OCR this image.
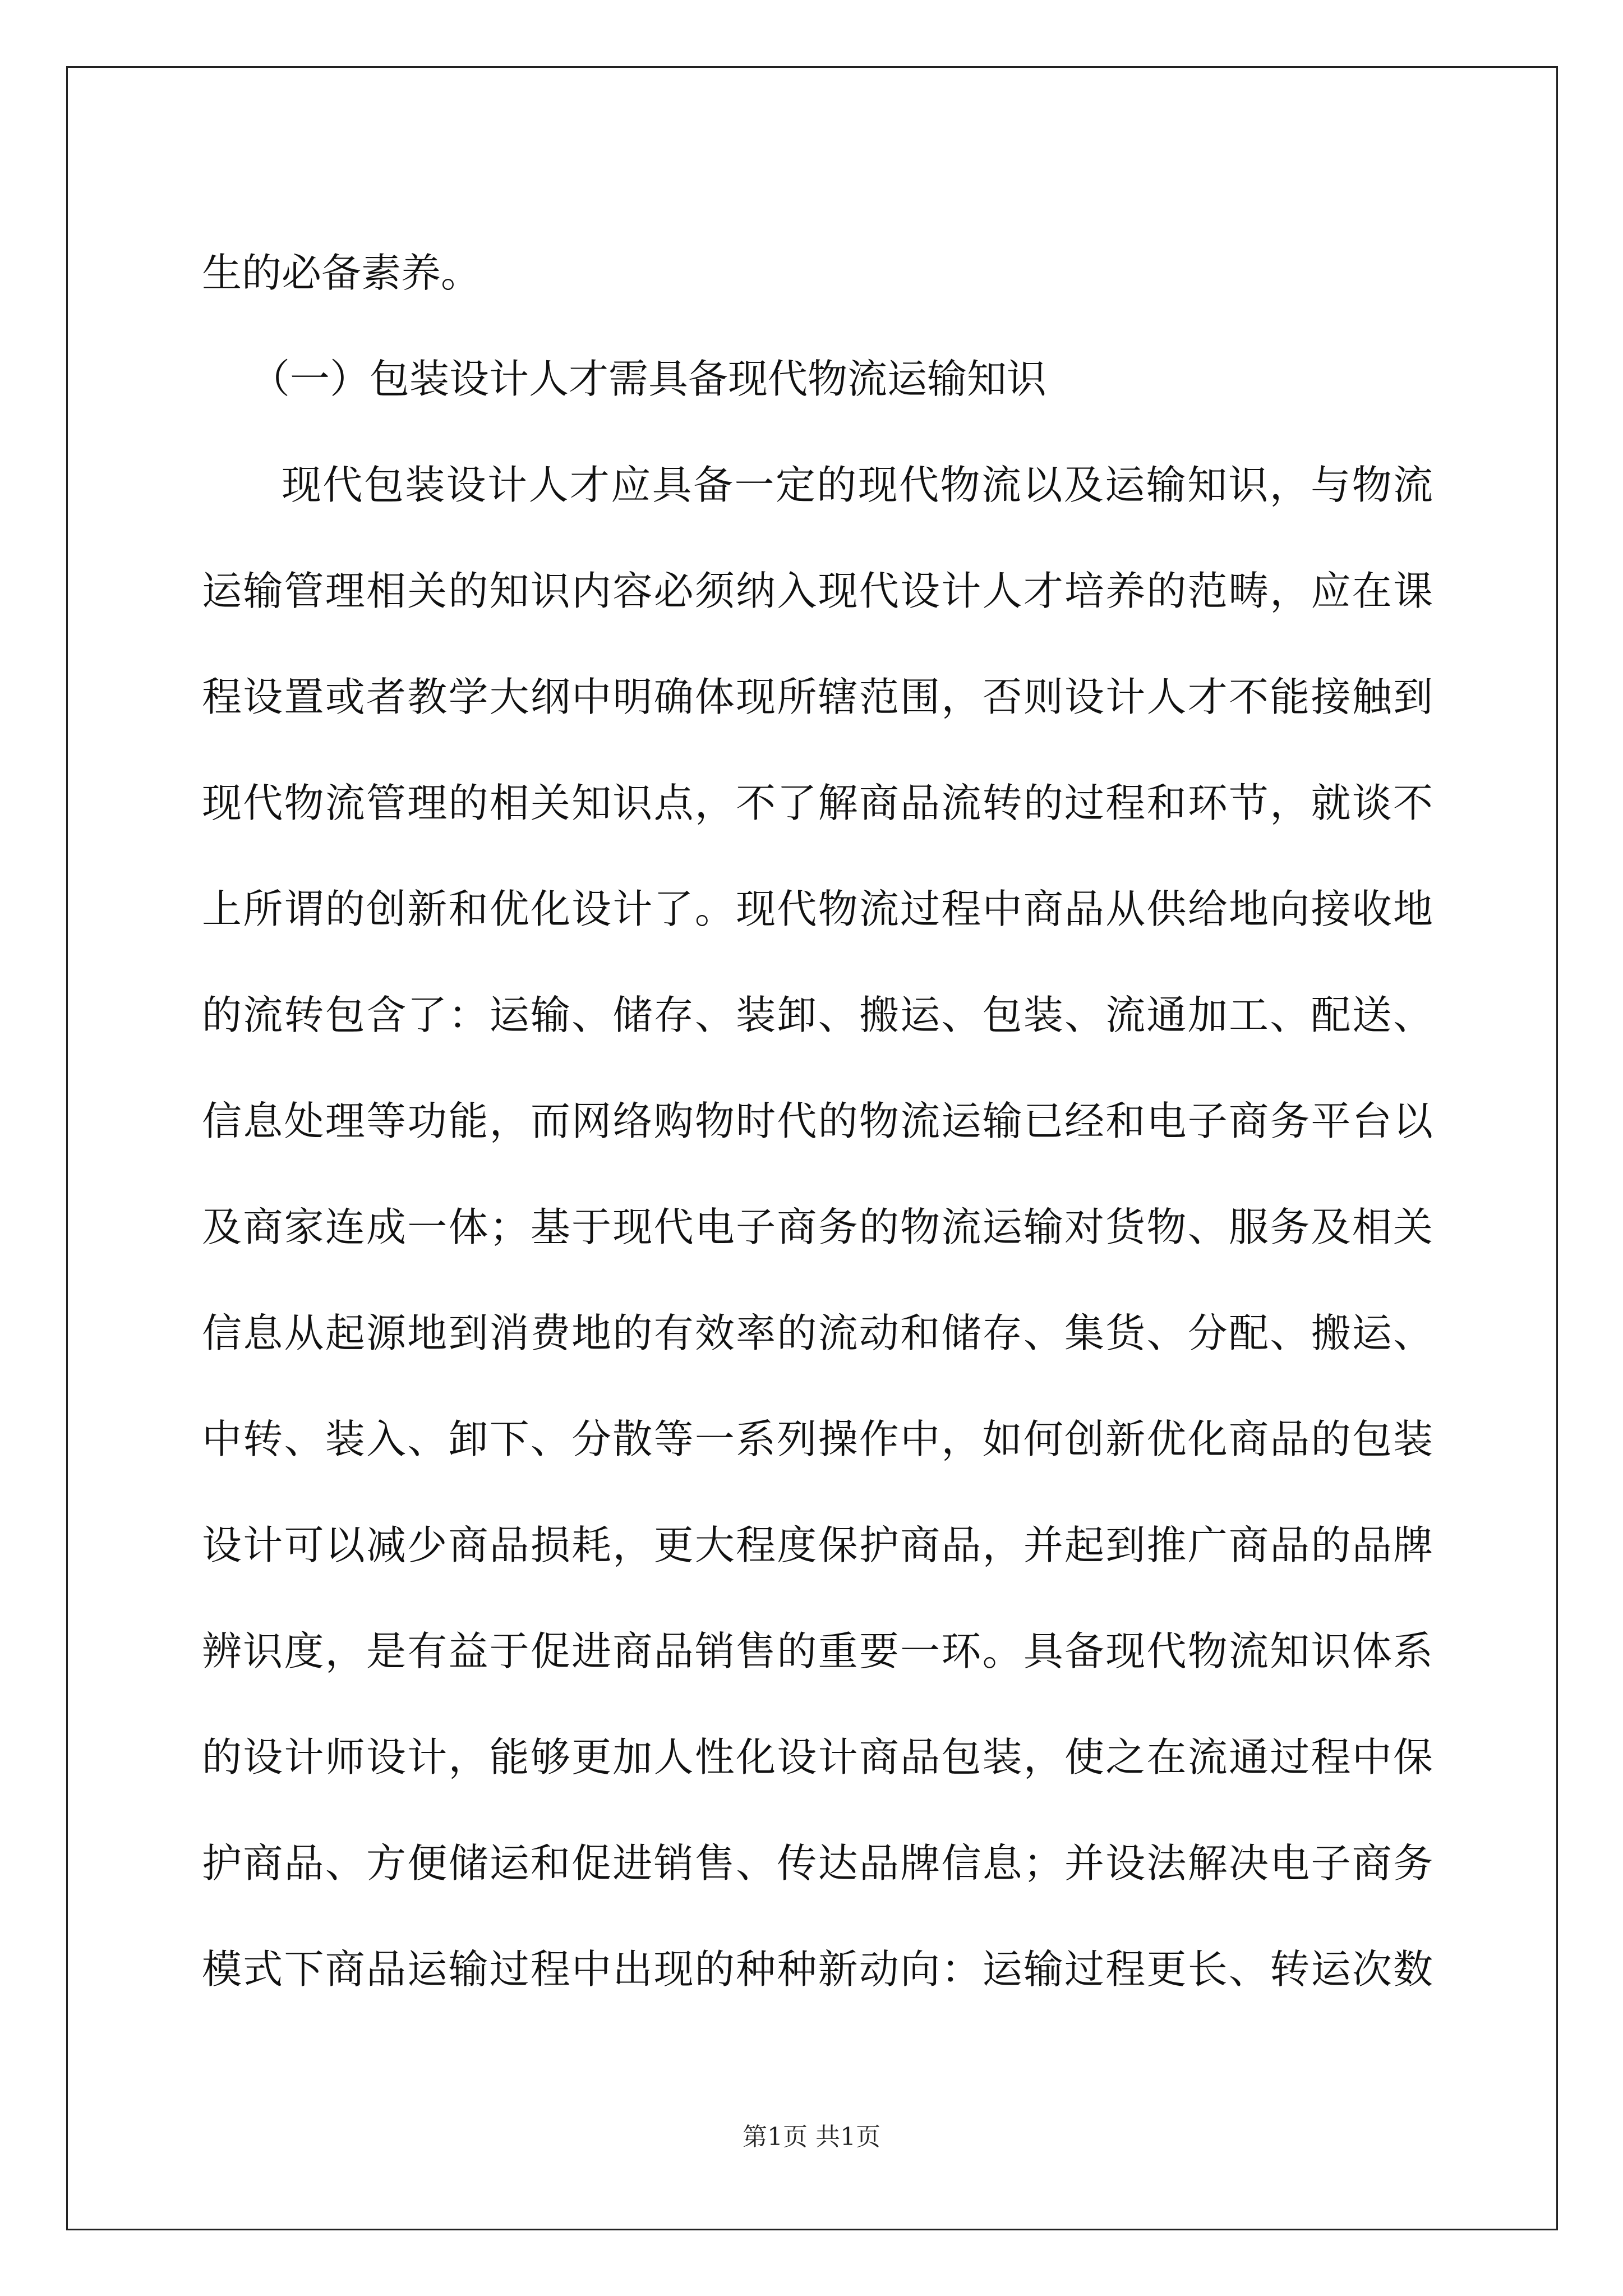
生的必备素养。
（一）包装设计人才需具备现代物流运输知识
现代包装设计人才应具备一定的现代物流以及运输知识，与物流
运输管理相关的知识内容必须纳入现代设计人才培养的范畴，应在课
程设置或者教学大纲中明确体现所辖范围，否则设计人才不能接触到
现代物流管理的相关知识点，不了解商品流转的过程和环节，就谈不
上所谓的创新和优化设计了。现代物流过程中商品从供给地向接收地
的流转包含了：运输、储存、装卸、搬运、包装、流通加工、配送、
信息处理等功能，而网络购物时代的物流运输已经和电子商务平台以
及商家连成一体；基于现代电子商务的物流运输对货物、服务及相关
信息从起源地到消费地的有效率的流动和储存、集货、分配、搬运、
中转、装入、卸下、分散等一系列操作中，如何创新优化商品的包装
设计可以减少商品损耗，更大程度保护商品，并起到推广商品的品牌
辨识度，是有益于促进商品销售的重要一环。具备现代物流知识体系
的设计师设计，能够更加人性化设计商品包装，使之在流通过程中保
护商品、方便储运和促进销售、传达品牌信息；并设法解决电子商务
模式下商品运输过程中出现的种种新动向：运输过程更长、转运次数
第1页 共1页
